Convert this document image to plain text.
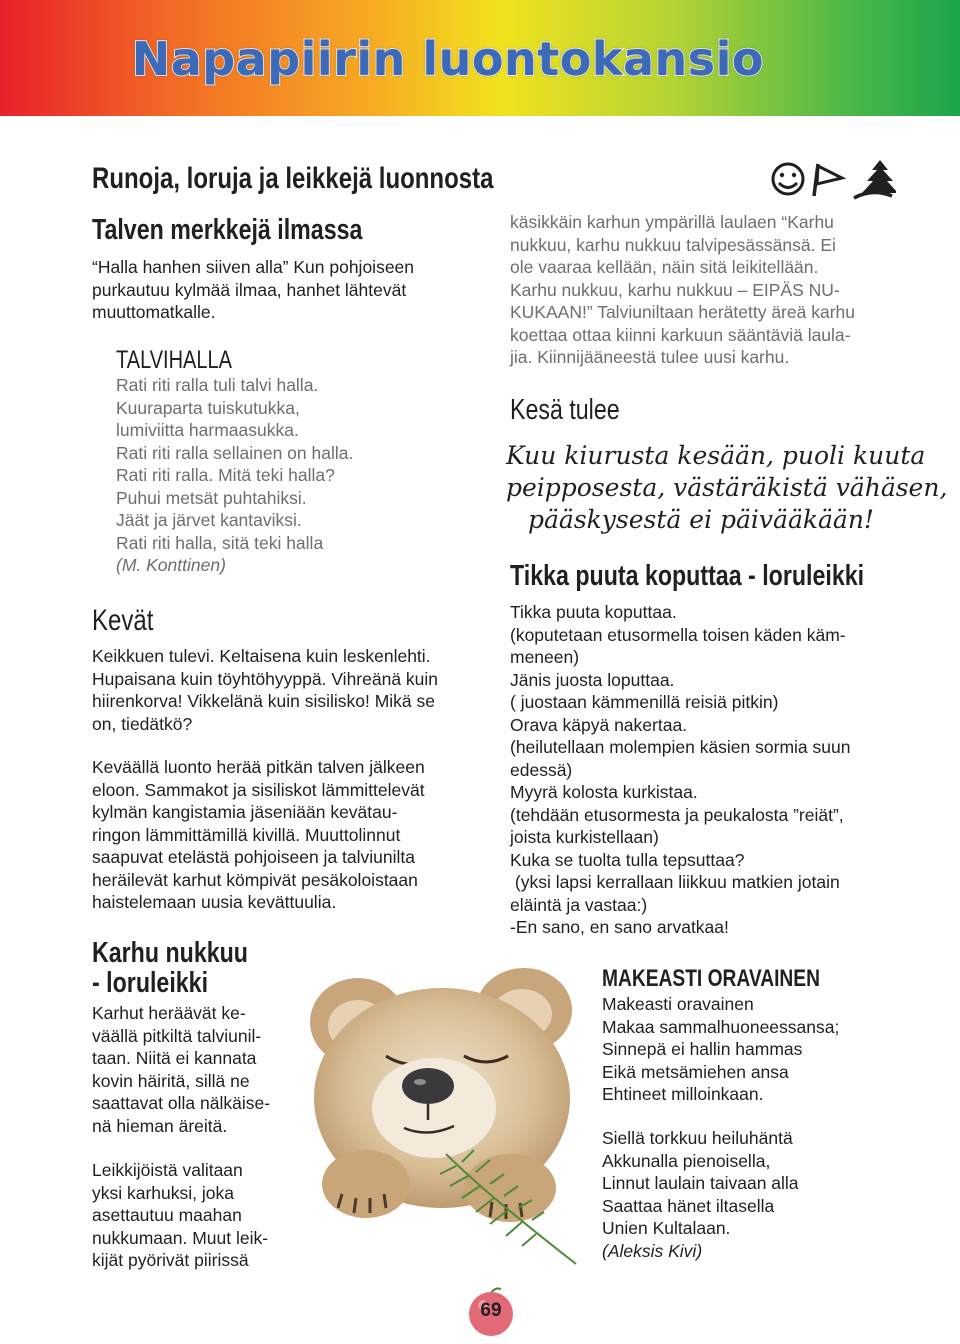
Napapiirin luontokansio
Runoja, loruja ja leikkejä luonnosta
Talven merkkejä ilmassa
“Halla hanhen siiven alla” Kun pohjoiseen
purkautuu kylmää ilmaa, hanhet lähtevät
muuttomatkalle.
TALVIHALLA
Rati riti ralla tuli talvi halla.
Kuuraparta tuiskutukka,
lumiviitta harmaasukka.
Rati riti ralla sellainen on halla.
Rati riti ralla. Mitä teki halla?
Puhui metsät puhtahiksi.
Jäät ja järvet kantaviksi.
Rati riti halla, sitä teki halla
(M. Konttinen)
Kevät
Keikkuen tulevi. Keltaisena kuin leskenlehti.
Hupaisana kuin töyhtöhyyppä. Vihreänä kuin
hiirenkorva! Vikkelänä kuin sisilisko! Mikä se
on, tiedätkö?
Keväällä luonto herää pitkän talven jälkeen
eloon. Sammakot ja sisiliskot lämmittelevät
kylmän kangistamia jäseniään kevätau-
ringon lämmittämillä kivillä. Muuttolinnut
saapuvat etelästä pohjoiseen ja talviunilta
heräilevät karhut kömpivät pesäkoloistaan
haistelemaan uusia kevättuulia.
Karhu nukkuu
- loruleikki
Karhut heräävät ke-
väällä pitkiltä talviunil-
taan. Niitä ei kannata
kovin häiritä, sillä ne
saattavat olla nälkäise-
nä hieman äreitä.
Leikkijöistä valitaan
yksi karhuksi, joka
asettautuu maahan
nukkumaan. Muut leik-
kijät pyörivät piirissä
käsikkäin karhun ympärillä laulaen “Karhu
nukkuu, karhu nukkuu talvipesässänsä. Ei
ole vaaraa kellään, näin sitä leikitellään.
Karhu nukkuu, karhu nukkuu – EIPÄS NU-
KUKAAN!” Talviuniltaan herätetty äreä karhu
koettaa ottaa kiinni karkuun sääntäviä laula-
jia. Kiinnijääneestä tulee uusi karhu.
Kesä tulee
Kuu kiurusta kesään, puoli kuuta
peipposesta, västäräkistä vähäsen,
pääskysestä ei päivääkään!
Tikka puuta koputtaa - loruleikki
Tikka puuta koputtaa.
(koputetaan etusormella toisen käden käm-
meneen)
Jänis juosta loputtaa.
( juostaan kämmenillä reisiä pitkin)
Orava käpyä nakertaa.
(heilutellaan molempien käsien sormia suun
edessä)
Myyrä kolosta kurkistaa.
(tehdään etusormesta ja peukalosta ”reiät”,
joista kurkistellaan)
Kuka se tuolta tulla tepsuttaa?
(yksi lapsi kerrallaan liikkuu matkien jotain
eläintä ja vastaa:)
-En sano, en sano arvatkaa!
MAKEASTI ORAVAINEN
Makeasti oravainen
Makaa sammalhuoneessansa;
Sinnepä ei hallin hammas
Eikä metsämiehen ansa
Ehtineet milloinkaan.
Siellä torkkuu heiluhäntä
Akkunalla pienoisella,
Linnut laulain taivaan alla
Saattaa hänet iltasella
Unien Kultalaan.
(Aleksis Kivi)
69
